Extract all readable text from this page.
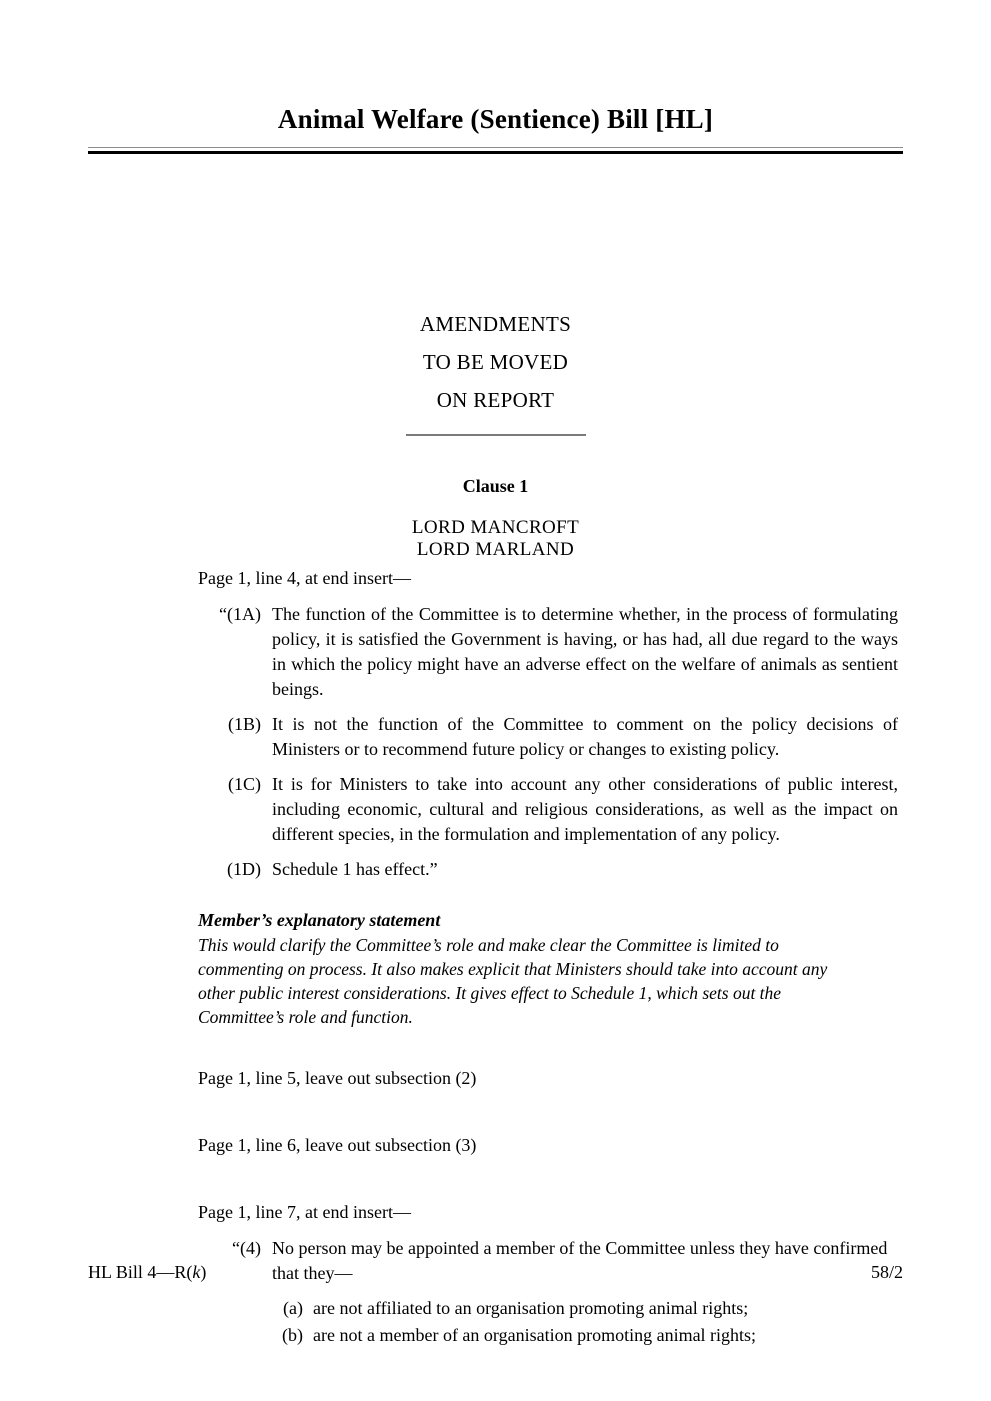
Animal Welfare (Sentience) Bill [HL]
AMENDMENTS
TO BE MOVED
ON REPORT
Clause 1
LORD MANCROFT
LORD MARLAND

Page 1, line 4, at end insert—

“(1A) The function of the Committee is to determine whether, in the process of formulating policy, it is satisfied the Government is having, or has had, all due regard to the ways in which the policy might have an adverse effect on the welfare of animals as sentient beings.
(1B) It is not the function of the Committee to comment on the policy decisions of Ministers or to recommend future policy or changes to existing policy.
(1C) It is for Ministers to take into account any other considerations of public interest, including economic, cultural and religious considerations, as well as the impact on different species, in the formulation and implementation of any policy.
(1D) Schedule 1 has effect.”
Member’s explanatory statement
This would clarify the Committee’s role and make clear the Committee is limited to commenting on process. It also makes explicit that Ministers should take into account any other public interest considerations. It gives effect to Schedule 1, which sets out the Committee’s role and function.

Page 1, line 5, leave out subsection (2)

Page 1, line 6, leave out subsection (3)

Page 1, line 7, at end insert—

“(4) No person may be appointed a member of the Committee unless they have confirmed that they—
(a) are not affiliated to an organisation promoting animal rights;
(b) are not a member of an organisation promoting animal rights;
HL Bill 4—R(k)	58/2
